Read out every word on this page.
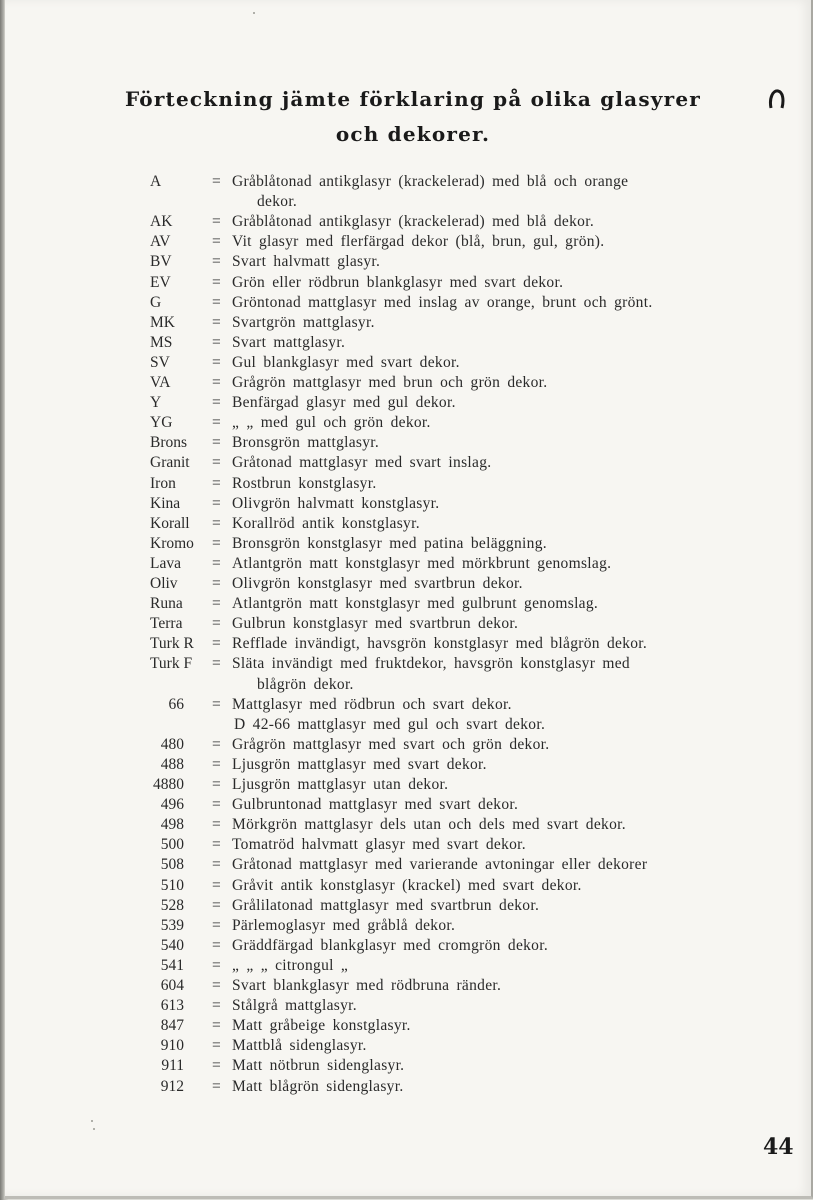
Förteckning jämte förklaring på olika glasyrer
och dekorer.
A	= Gråblåtonad antikglasyr (krackelerad) med blå och orange
dekor.
AK	= Gråblåtonad antikglasyr (krackelerad) med blå dekor.
AV	= Vit glasyr med flerfärgad dekor (blå, brun, gul, grön).
BV	= Svart halvmatt glasyr.
EV	= Grön eller rödbrun blankglasyr med svart dekor.
G	= Gröntonad mattglasyr med inslag av orange, brunt och grönt.
MK	= Svartgrön mattglasyr.
MS	= Svart mattglasyr.
SV	= Gul blankglasyr med svart dekor.
VA	= Grågrön mattglasyr med brun och grön dekor.
Y	= Benfärgad glasyr med gul dekor.
YG	= „ „ med gul och grön dekor.
Brons	= Bronsgrön mattglasyr.
Granit	= Gråtonad mattglasyr med svart inslag.
Iron	= Rostbrun konstglasyr.
Kina	= Olivgrön halvmatt konstglasyr.
Korall	= Korallröd antik konstglasyr.
Kromo	= Bronsgrön konstglasyr med patina beläggning.
Lava	= Atlantgrön matt konstglasyr med mörkbrunt genomslag.
Oliv	= Olivgrön konstglasyr med svartbrun dekor.
Runa	= Atlantgrön matt konstglasyr med gulbrunt genomslag.
Terra	= Gulbrun konstglasyr med svartbrun dekor.
Turk R	= Refflade invändigt, havsgrön konstglasyr med blågrön dekor.
Turk F	= Släta invändigt med fruktdekor, havsgrön konstglasyr med
blågrön dekor.
66 = Mattglasyr med rödbrun och svart dekor.
D 42-66 mattglasyr med gul och svart dekor.
480 = Grågrön mattglasyr med svart och grön dekor.
488 = Ljusgrön mattglasyr med svart dekor.
4880 = Ljusgrön mattglasyr utan dekor.
496 = Gulbruntonad mattglasyr med svart dekor.
498 = Mörkgrön mattglasyr dels utan och dels med svart dekor.
500 = Tomatröd halvmatt glasyr med svart dekor.
508 = Gråtonad mattglasyr med varierande avtoningar eller dekorer
510 = Gråvit antik konstglasyr (krackel) med svart dekor.
528 = Grålilatonad mattglasyr med svartbrun dekor.
539 = Pärlemoglasyr med gråblå dekor.
540 = Gräddfärgad blankglasyr med cromgrön dekor.
541 = „ „ „ citrongul „
604 = Svart blankglasyr med rödbruna ränder.
613 = Stålgrå mattglasyr.
847 = Matt gråbeige konstglasyr.
910 = Mattblå sidenglasyr.
911 = Matt nötbrun sidenglasyr.
912 = Matt blågrön sidenglasyr.
44
